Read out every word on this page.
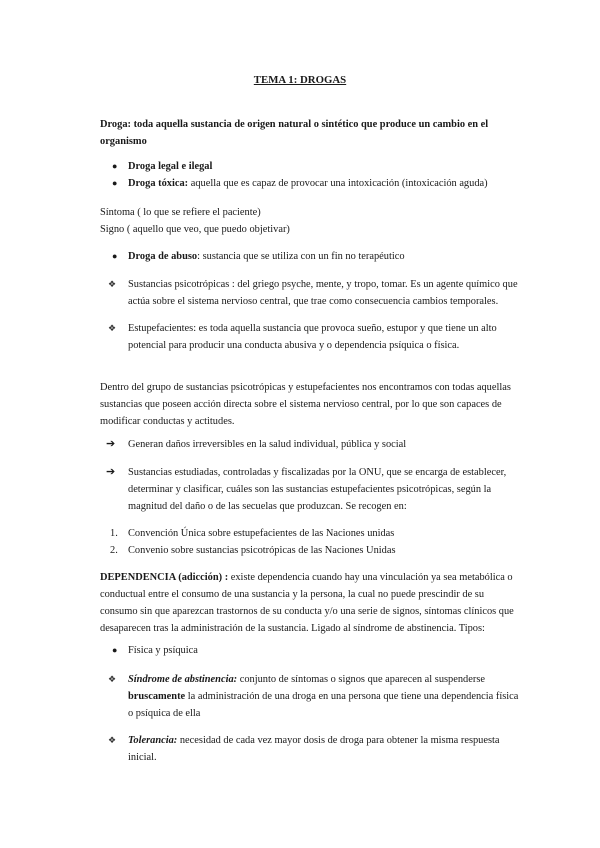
TEMA 1: DROGAS

Droga: toda aquella sustancia de origen natural o sintético que produce un cambio en el organismo

● Droga legal e ilegal
● Droga tóxica: aquella que es capaz de provocar una intoxicación (intoxicación aguda)

Síntoma ( lo que se refiere el paciente)

Signo ( aquello que veo, que puedo objetivar)

● Droga de abuso: sustancia que se utiliza con un fin no terapéutico
❖ Sustancias psicotrópicas : del griego psyche, mente, y tropo, tomar. Es un agente químico que actúa sobre el sistema nervioso central, que trae como consecuencia cambios temporales.
❖ Estupefacientes: es toda aquella sustancia que provoca sueño, estupor y que tiene un alto potencial para producir una conducta abusiva y o dependencia psíquica o física.

Dentro del grupo de sustancias psicotrópicas y estupefacientes nos encontramos con todas aquellas sustancias que poseen acción directa sobre el sistema nervioso central, por lo que son capaces de modificar conductas y actitudes.

➔ Generan daños irreversibles en la salud individual, pública y social
➔ Sustancias estudiadas, controladas y fiscalizadas por la ONU, que se encarga de establecer, determinar y clasificar, cuáles son las sustancias estupefacientes psicotrópicas, según la magnitud del daño o de las secuelas que produzcan. Se recogen en:
1. Convención Única sobre estupefacientes de las Naciones unidas
2. Convenio sobre sustancias psicotrópicas de las Naciones Unidas

DEPENDENCIA (adicción) : existe dependencia cuando hay una vinculación ya sea metabólica o conductual entre el consumo de una sustancia y la persona, la cual no puede prescindir de su consumo sin que aparezcan trastornos de su conducta y/o una serie de signos, síntomas clínicos que desaparecen tras la administración de la sustancia. Ligado al síndrome de abstinencia. Tipos:

● Física y psíquica
❖ Síndrome de abstinencia: conjunto de síntomas o signos que aparecen al suspenderse bruscamente la administración de una droga en una persona que tiene una dependencia física o psíquica de ella
❖ Tolerancia: necesidad de cada vez mayor dosis de droga para obtener la misma respuesta inicial.
